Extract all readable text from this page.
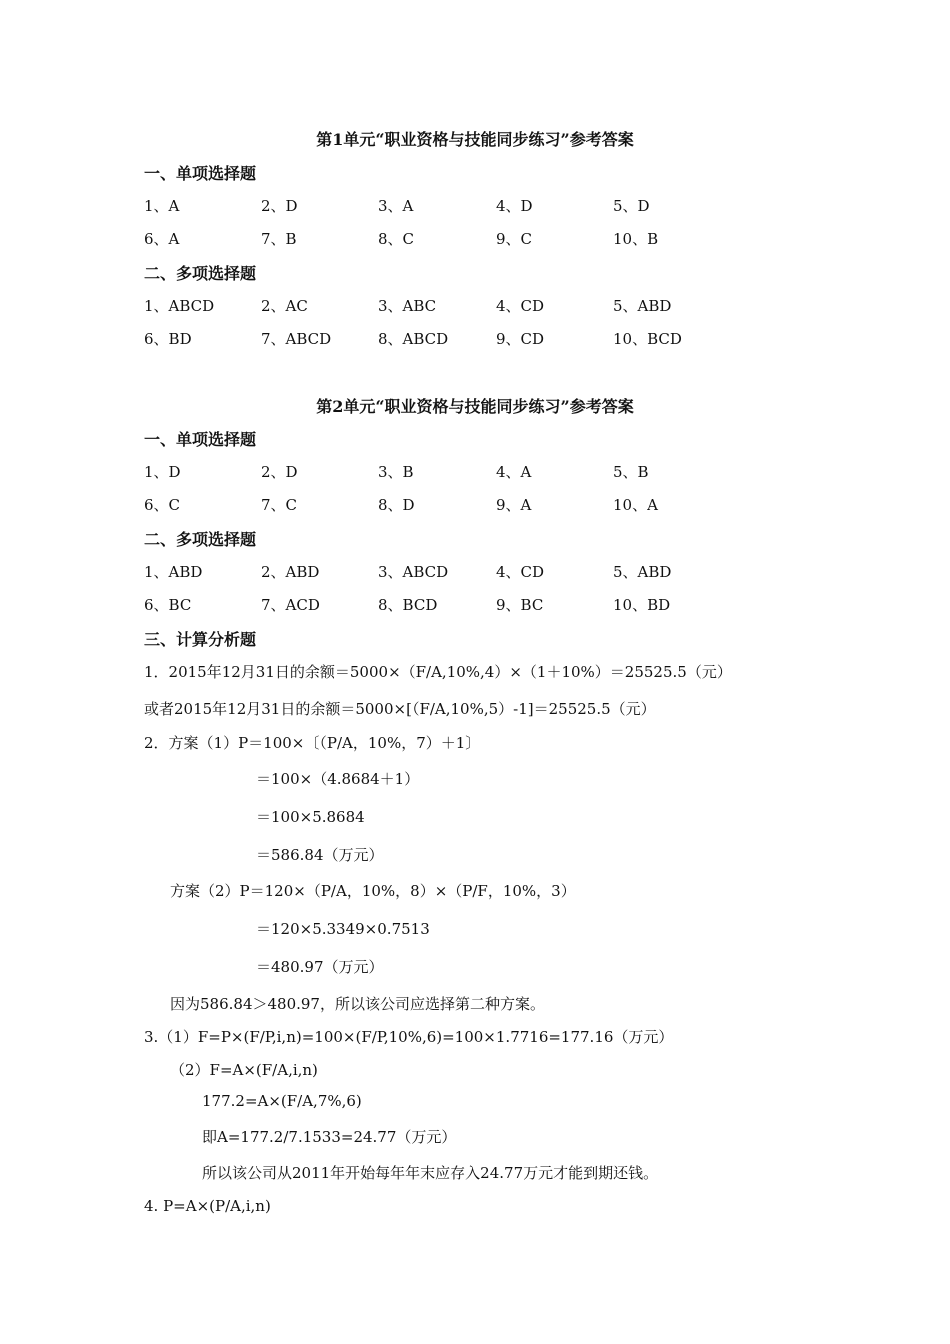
第1单元“职业资格与技能同步练习”参考答案
一、单项选择题
1、A	2、D	3、A	4、D	5、D
6、A	7、B	8、C	9、C	10、B
二、多项选择题
1、ABCD	2、AC	3、ABC	4、CD	5、ABD
6、BD	7、ABCD	8、ABCD	9、CD	10、BCD
第2单元“职业资格与技能同步练习”参考答案
一、单项选择题
1、D	2、D	3、B	4、A	5、B
6、C	7、C	8、D	9、A	10、A
二、多项选择题
1、ABD	2、ABD	3、ABCD	4、CD	5、ABD
6、BC	7、ACD	8、BCD	9、BC	10、BD
三、计算分析题
1．2015年12月31日的余额＝5000×（F/A,10%,4）×（1＋10%）＝25525.5（元）
或者2015年12月31日的余额＝5000×[（F/A,10%,5）-1]＝25525.5（元）
2．方案（1）P＝100×〔（P/A，10%，7）＋1〕
＝100×（4.8684＋1）
＝100×5.8684
＝586.84（万元）
方案（2）P＝120×（P/A，10%，8）×（P/F，10%，3）
＝120×5.3349×0.7513
＝480.97（万元）
因为586.84＞480.97，所以该公司应选择第二种方案。
3.（1）F=P×(F/P,i,n)=100×(F/P,10%,6)=100×1.7716=177.16（万元）
（2）F=A×(F/A,i,n)
177.2=A×(F/A,7%,6)
即A=177.2/7.1533=24.77（万元）
所以该公司从2011年开始每年年末应存入24.77万元才能到期还钱。
4. P=A×(P/A,i,n)
